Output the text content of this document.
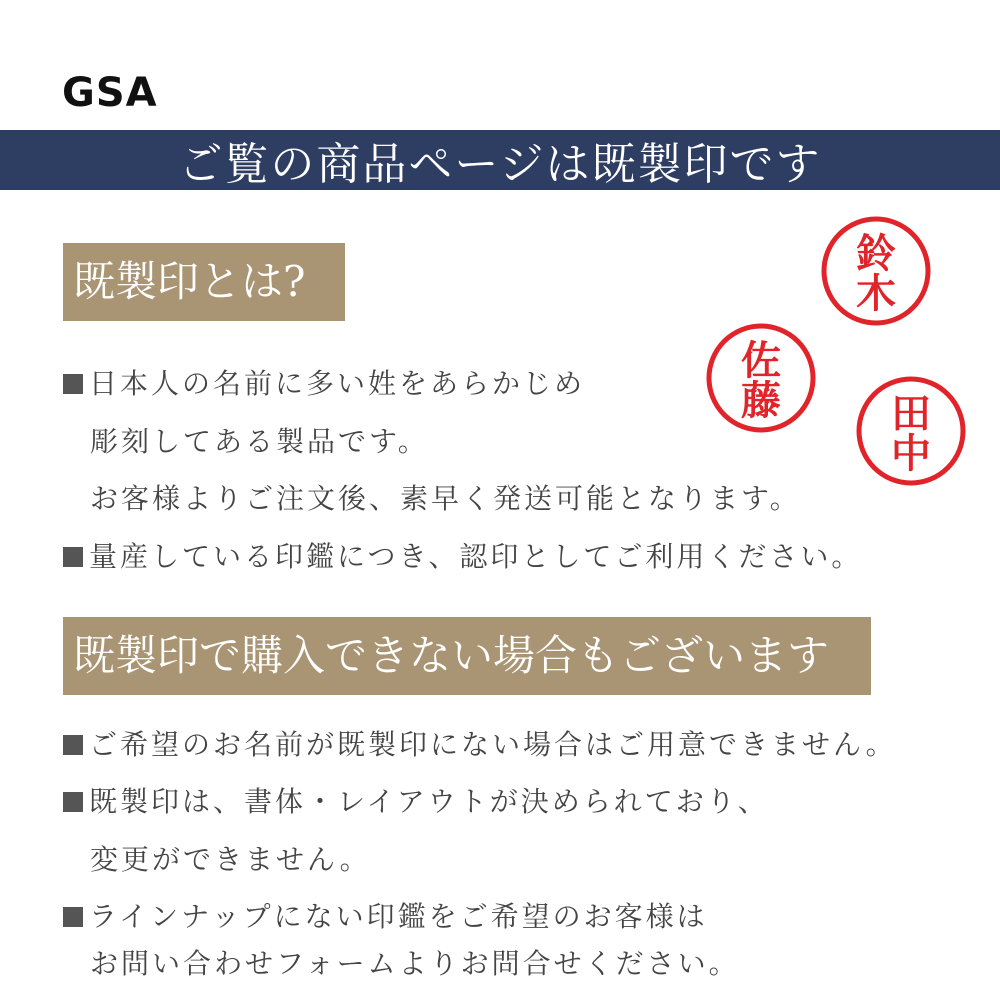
GSA
ご覧の商品ページは既製印です
既製印とは?
日本人の名前に多い姓をあらかじめ
彫刻してある製品です。
お客様よりご注文後、素早く発送可能となります。
量産している印鑑につき、認印としてご利用ください。
既製印で購入できない場合もございます
ご希望のお名前が既製印にない場合はご用意できません。
既製印は、書体・レイアウトが決められており、
変更ができません。
ラインナップにない印鑑をご希望のお客様は
お問い合わせフォームよりお問合せください。
鈴
木
佐
藤	田
中
